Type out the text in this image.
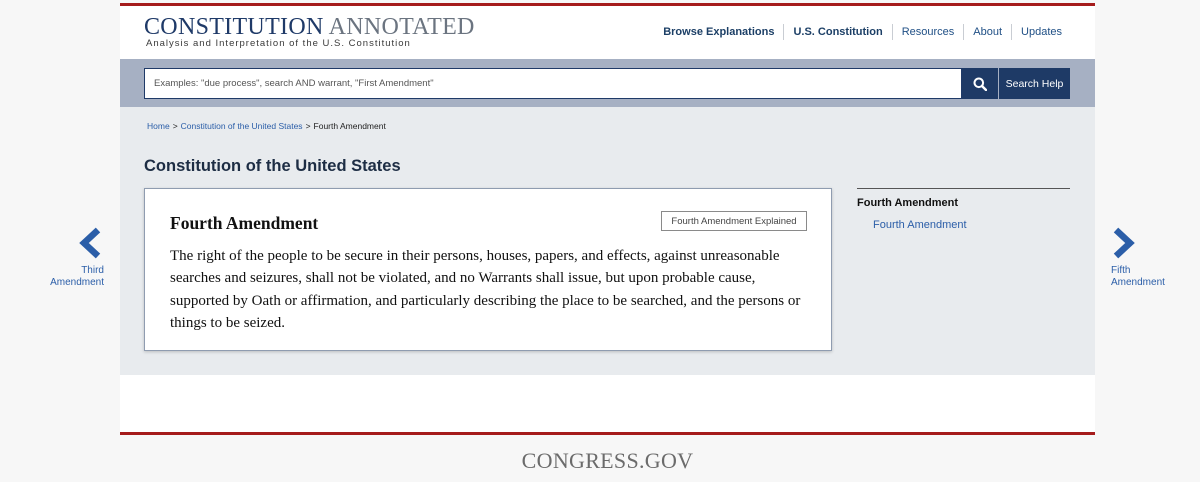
CONSTITUTION ANNOTATED
Analysis and Interpretation of the U.S. Constitution
Browse Explanations	U.S. Constitution	Resources	About	Updates
Examples: "due process", search AND warrant, "First Amendment"
Search Help
Home > Constitution of the United States > Fourth Amendment
Constitution of the United States
Fourth Amendment	Fourth Amendment Explained

The right of the people to be secure in their persons, houses, papers, and effects, against unreasonable searches and seizures, shall not be violated, and no Warrants shall issue, but upon probable cause, supported by Oath or affirmation, and particularly describing the place to be searched, and the persons or things to be seized.

Fourth Amendment
Fourth Amendment
CONGRESS.GOV
Third
Amendment
Fifth
Amendment
